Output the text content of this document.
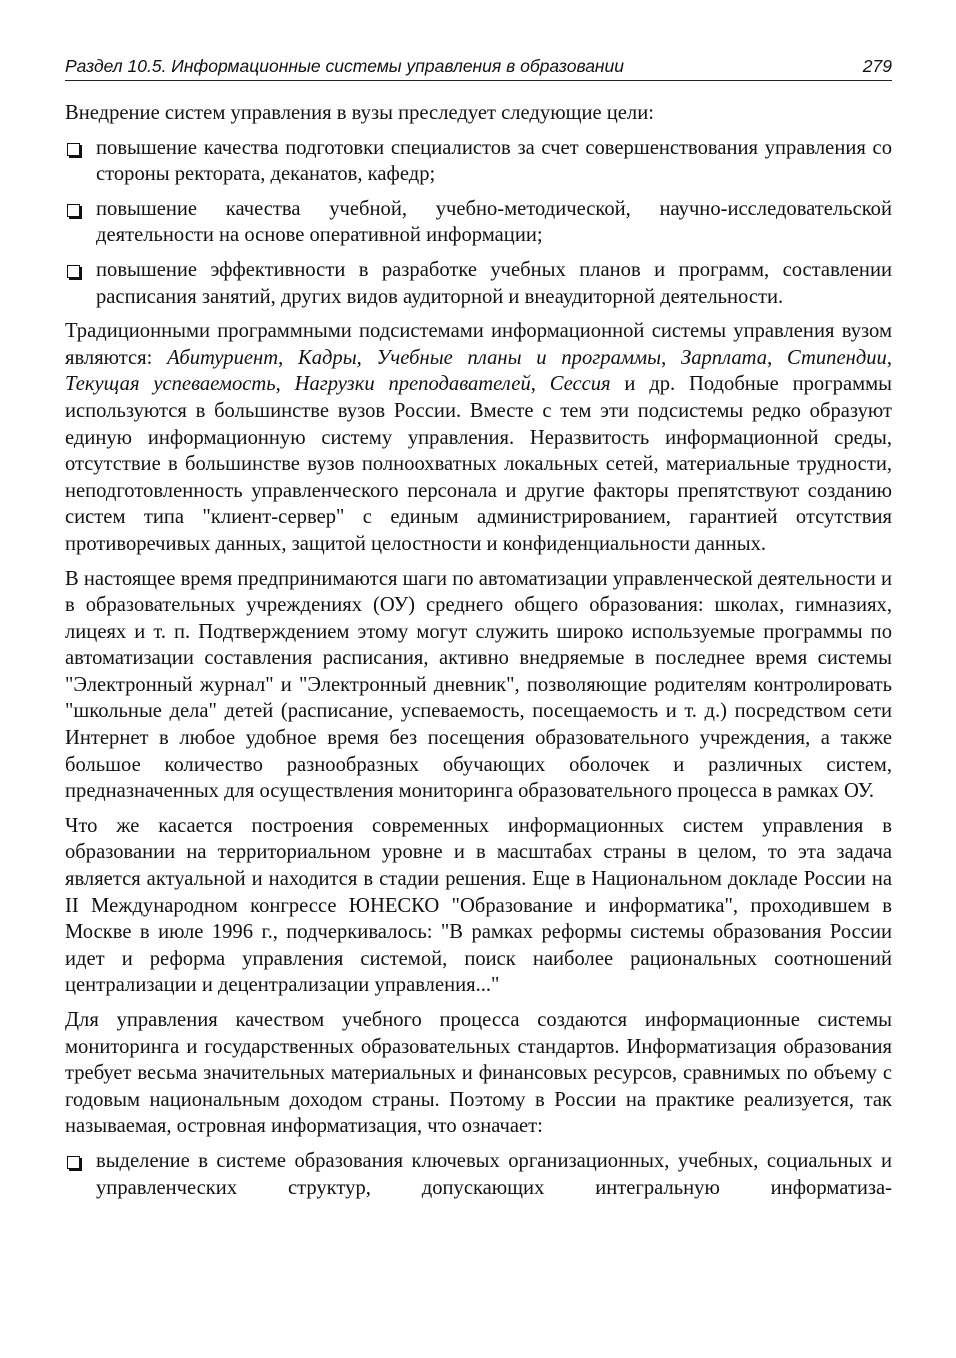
Раздел 10.5. Информационные системы управления в образовании	279

Внедрение систем управления в вузы преследует следующие цели:

повышение качества подготовки специалистов за счет совершенствования управления со стороны ректората, деканатов, кафедр;
повышение качества учебной, учебно-методической, научно-исследовательской деятельности на основе оперативной информации;
повышение эффективности в разработке учебных планов и программ, составлении расписания занятий, других видов аудиторной и внеаудиторной деятельности.

Традиционными программными подсистемами информационной системы управления вузом являются: Абитуриент, Кадры, Учебные планы и программы, Зарплата, Стипендии, Текущая успеваемость, Нагрузки преподавателей, Сессия и др. Подобные программы используются в большинстве вузов России. Вместе с тем эти подсистемы редко образуют единую информационную систему управления. Неразвитость информационной среды, отсутствие в большинстве вузов полноохватных локальных сетей, материальные трудности, неподготовленность управленческого персонала и другие факторы препятствуют созданию систем типа "клиент-сервер" с единым администрированием, гарантией отсутствия противоречивых данных, защитой целостности и конфиденциальности данных.

В настоящее время предпринимаются шаги по автоматизации управленческой деятельности и в образовательных учреждениях (ОУ) среднего общего образования: школах, гимназиях, лицеях и т. п. Подтверждением этому могут служить широко используемые программы по автоматизации составления расписания, активно внедряемые в последнее время системы "Электронный журнал" и "Электронный дневник", позволяющие родителям контролировать "школьные дела" детей (расписание, успеваемость, посещаемость и т. д.) посредством сети Интернет в любое удобное время без посещения образовательного учреждения, а также большое количество разнообразных обучающих оболочек и различных систем, предназначенных для осуществления мониторинга образовательного процесса в рамках ОУ.

Что же касается построения современных информационных систем управления в образовании на территориальном уровне и в масштабах страны в целом, то эта задача является актуальной и находится в стадии решения. Еще в Национальном докладе России на II Международном конгрессе ЮНЕСКО "Образование и информатика", проходившем в Москве в июле 1996 г., подчеркивалось: "В рамках реформы системы образования России идет и реформа управления системой, поиск наиболее рациональных соотношений централизации и децентрализации управления..."

Для управления качеством учебного процесса создаются информационные системы мониторинга и государственных образовательных стандартов. Информатизация образования требует весьма значительных материальных и финансовых ресурсов, сравнимых по объему с годовым национальным доходом страны. Поэтому в России на практике реализуется, так называемая, островная информатизация, что означает:

выделение в системе образования ключевых организационных, учебных, социальных и управленческих структур, допускающих интегральную информатиза-
